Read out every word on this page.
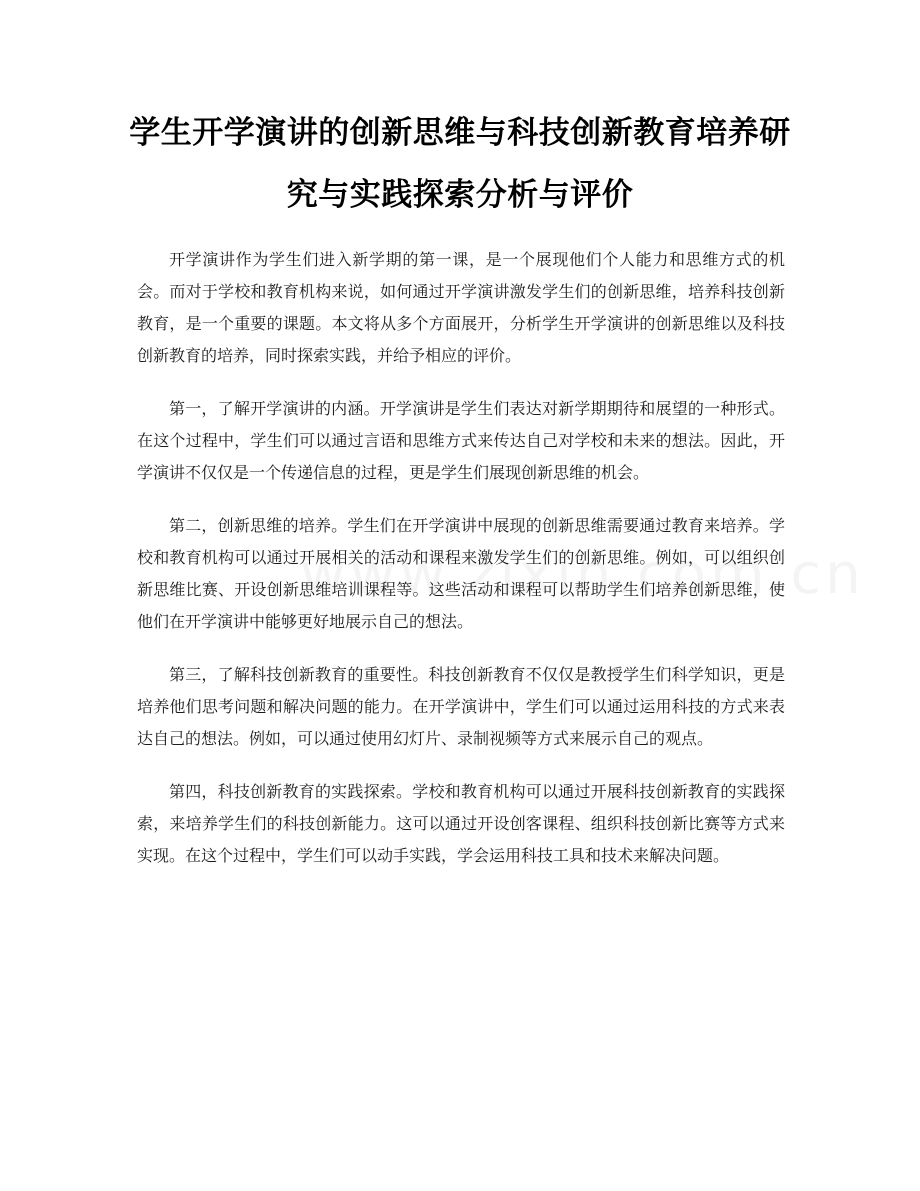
学生开学演讲的创新思维与科技创新教育培养研究与实践探索分析与评价

开学演讲作为学生们进入新学期的第一课，是一个展现他们个人能力和思维方式的机会。而对于学校和教育机构来说，如何通过开学演讲激发学生们的创新思维，培养科技创新教育，是一个重要的课题。本文将从多个方面展开，分析学生开学演讲的创新思维以及科技创新教育的培养，同时探索实践，并给予相应的评价。

第一，了解开学演讲的内涵。开学演讲是学生们表达对新学期期待和展望的一种形式。在这个过程中，学生们可以通过言语和思维方式来传达自己对学校和未来的想法。因此，开学演讲不仅仅是一个传递信息的过程，更是学生们展现创新思维的机会。

第二，创新思维的培养。学生们在开学演讲中展现的创新思维需要通过教育来培养。学校和教育机构可以通过开展相关的活动和课程来激发学生们的创新思维。例如，可以组织创新思维比赛、开设创新思维培训课程等。这些活动和课程可以帮助学生们培养创新思维，使他们在开学演讲中能够更好地展示自己的想法。

第三，了解科技创新教育的重要性。科技创新教育不仅仅是教授学生们科学知识，更是培养他们思考问题和解决问题的能力。在开学演讲中，学生们可以通过运用科技的方式来表达自己的想法。例如，可以通过使用幻灯片、录制视频等方式来展示自己的观点。

第四，科技创新教育的实践探索。学校和教育机构可以通过开展科技创新教育的实践探索，来培养学生们的科技创新能力。这可以通过开设创客课程、组织科技创新比赛等方式来实现。在这个过程中，学生们可以动手实践，学会运用科技工具和技术来解决问题。
